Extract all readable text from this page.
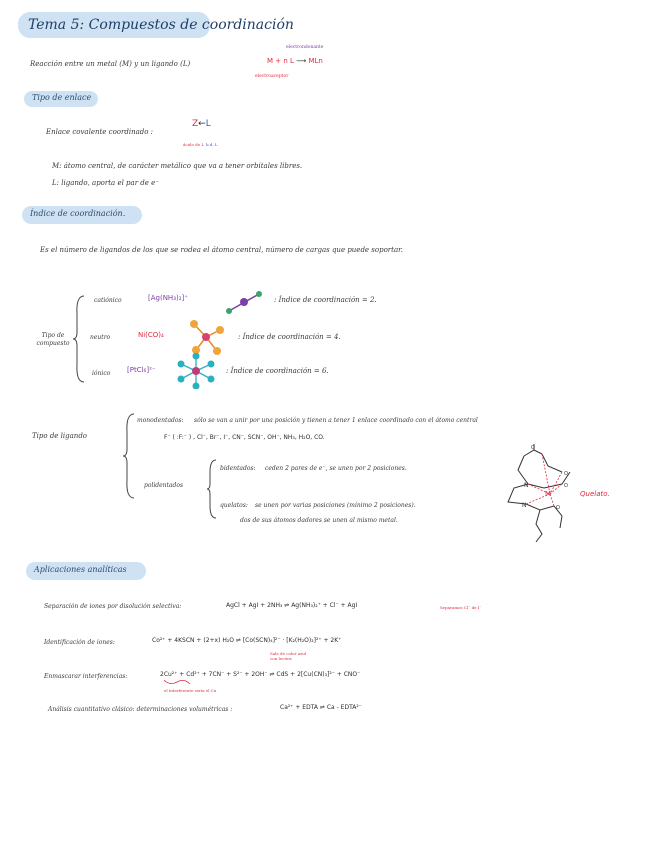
Tema 5: Compuestos de coordinación
Reacción entre un metal (M) y un ligando (L)
electrondonante
M + n L ⟶ MLn
electroaceptor
Tipo de enlace
Enlace covalente coordinado :
Z←L
ácido de L b.d. L
M: átomo central, de carácter metálico que va a tener orbitales libres.
L: ligando, aporta el par de e⁻
Índice de coordinación.
Es el número de ligandos de los que se rodea el átomo central, número de cargas que puede soportar.
Tipo de compuesto
catiónico	[Ag(NH₃)₂]⁺	: Índice de coordinación = 2.
neutro	Ni(CO)₄	: Índice de coordinación = 4.
iónico [PtCl₆]²⁻	: Índice de coordinación = 6.
Tipo de ligando
monodentados: sólo se van a unir por una posición y tienen a tener 1 enlace coordinado con el átomo central
F⁻ ( :F:⁻ ) , Cl⁻, Br⁻, I⁻, CN⁻, SCN⁻, OH⁻, NH₃, H₂O, CO.
polidentados
bidentados: ceden 2 pares de e⁻, se unen por 2 posiciones.
quelatos: se unen por varias posiciones (mínimo 2 posiciones).
dos de sus átomos dadores se unen al mismo metal.
N
N
O
O
O
O
M	Quelato.
Aplicaciones analíticas
Separación de iones por disolución selectiva:	AgCl + AgI + 2NH₃ ⇌ Ag(NH₃)₂⁺ + Cl⁻ + AgI	Separamos Cl⁻ de I⁻
Identificación de iones:	Co²⁺ + 4KSCN + (2+x) H₂O ⇌ [Co(SCN)₄]²⁻ · [K₂(H₂O)₂]²⁺ + 2K⁺
Sale de color azul con lecitos
Enmascarar interferencias:	2Cu²⁺ + Cd²⁺ + 7CN⁻ + S²⁻ + 2OH⁻ ⇌ CdS + 2[Cu(CN)₃]²⁻ + CNO⁻
el interferente sería el Cu
Análisis cuantitativo clásico: determinaciones volumétricas :	Ca²⁺ + EDTA ⇌ Ca - EDTA²⁻
